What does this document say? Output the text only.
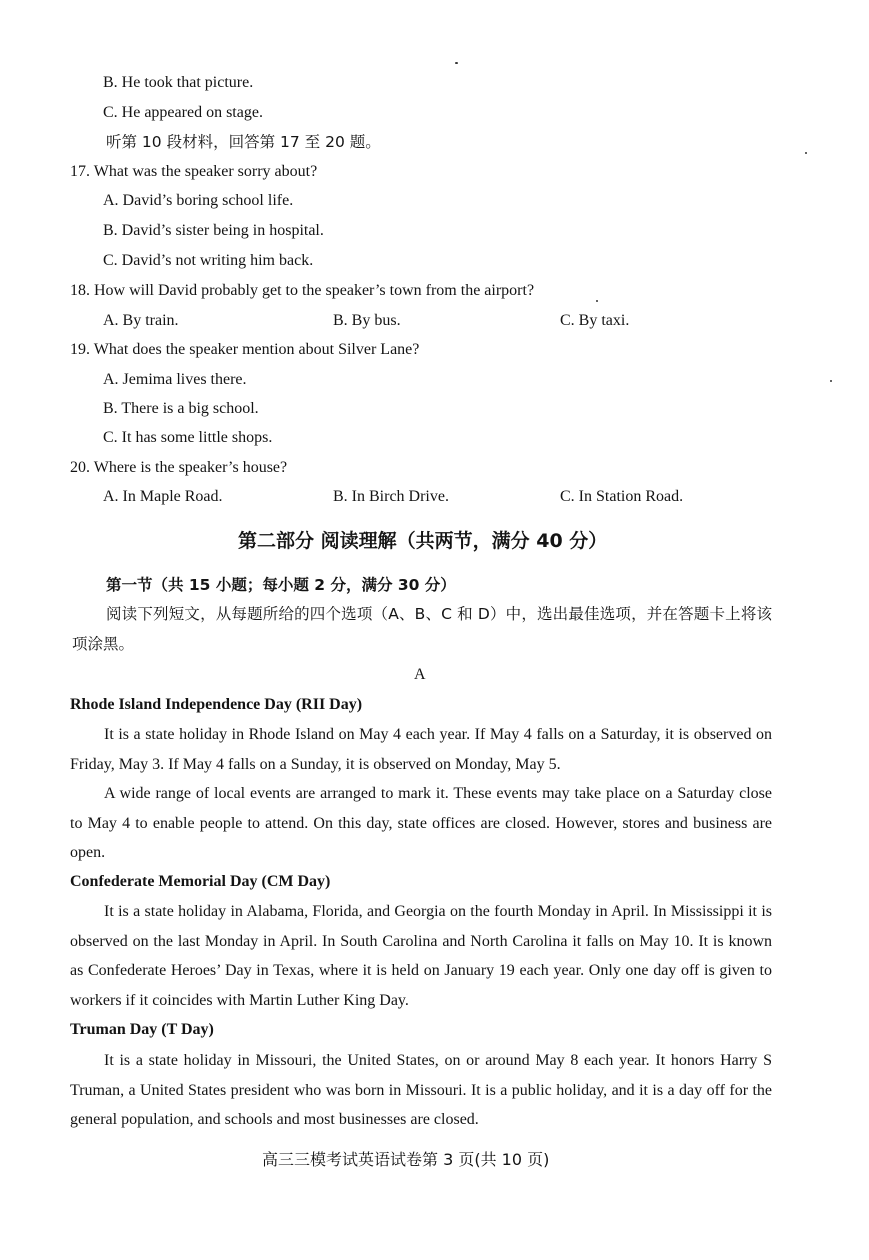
B. He took that picture.
C. He appeared on stage.
听第 10 段材料，回答第 17 至 20 题。
17. What was the speaker sorry about?
A. David’s boring school life.
B. David’s sister being in hospital.
C. David’s not writing him back.
18. How will David probably get to the speaker’s town from the airport?
A. By train.	B. By bus.	C. By taxi.
19. What does the speaker mention about Silver Lane?
A. Jemima lives there.
B. There is a big school.
C. It has some little shops.
20. Where is the speaker’s house?
A. In Maple Road.	B. In Birch Drive.	C. In Station Road.
第二部分 阅读理解（共两节，满分 40 分）
第一节（共 15 小题；每小题 2 分，满分 30 分）
阅读下列短文，从每题所给的四个选项（A、B、C 和 D）中，选出最佳选项，并在答题卡上将该项涂黑。
A
Rhode Island Independence Day (RII Day)
It is a state holiday in Rhode Island on May 4 each year. If May 4 falls on a Saturday, it is observed on Friday, May 3. If May 4 falls on a Sunday, it is observed on Monday, May 5.
A wide range of local events are arranged to mark it. These events may take place on a Saturday close to May 4 to enable people to attend. On this day, state offices are closed. However, stores and business are open.
Confederate Memorial Day (CM Day)
It is a state holiday in Alabama, Florida, and Georgia on the fourth Monday in April. In Mississippi it is observed on the last Monday in April. In South Carolina and North Carolina it falls on May 10. It is known as Confederate Heroes’ Day in Texas, where it is held on January 19 each year. Only one day off is given to workers if it coincides with Martin Luther King Day.
Truman Day (T Day)
It is a state holiday in Missouri, the United States, on or around May 8 each year. It honors Harry S Truman, a United States president who was born in Missouri. It is a public holiday, and it is a day off for the general population, and schools and most businesses are closed.
高三三模考试英语试卷第 3 页(共 10 页)
